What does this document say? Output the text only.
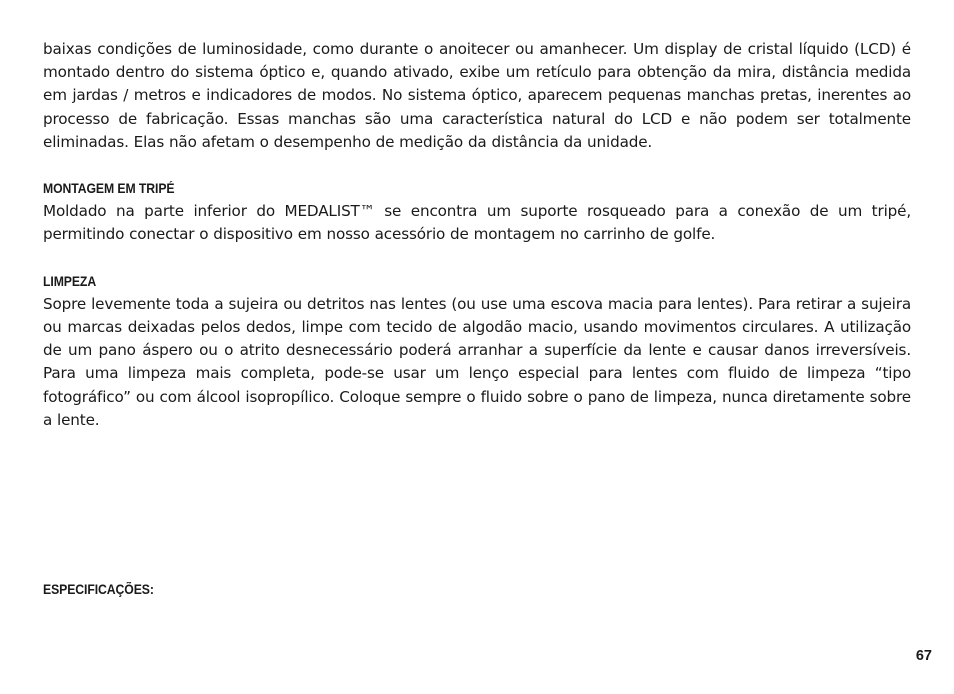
baixas condições de luminosidade, como durante o anoitecer ou amanhecer. Um display de cristal líquido (LCD) é montado dentro do sistema óptico e, quando ativado, exibe um retículo para obtenção da mira, distância medida em jardas / metros e indicadores de modos. No sistema óptico, aparecem pequenas manchas pretas, inerentes ao processo de fabricação. Essas manchas são uma característica natural do LCD e não podem ser totalmente eliminadas. Elas não afetam o desempenho de medição da distância da unidade.

MONTAGEM EM TRIPÉ

Moldado na parte inferior do MEDALIST™ se encontra um suporte rosqueado para a conexão de um tripé, permitindo conectar o dispositivo em nosso acessório de montagem no carrinho de golfe.

LIMPEZA

Sopre levemente toda a sujeira ou detritos nas lentes (ou use uma escova macia para lentes). Para retirar a sujeira ou marcas deixadas pelos dedos, limpe com tecido de algodão macio, usando movimentos circulares. A utilização de um pano áspero ou o atrito desnecessário poderá arranhar a superfície da lente e causar danos irreversíveis. Para uma limpeza mais completa, pode-se usar um lenço especial para lentes com fluido de limpeza “tipo fotográfico” ou com álcool isopropílico. Coloque sempre o fluido sobre o pano de limpeza, nunca diretamente sobre a lente.

ESPECIFICAÇÕES:
67
